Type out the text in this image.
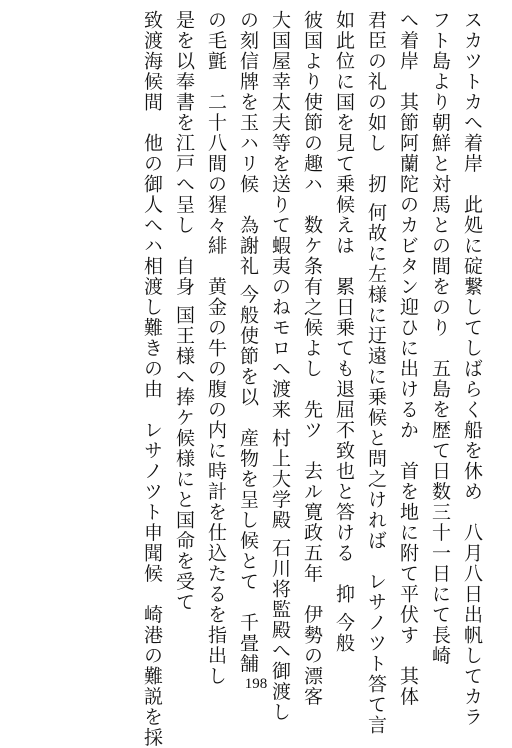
スカツトカへ着岸　此処に碇繋してしばらく船を休め　八月八日出帆してカラ
フト島より朝鮮と対馬との間をのり　五島を歴て日数三十一日にて長崎
へ着岸　其節阿蘭陀のカビタン迎ひに出けるか　首を地に附て平伏す　其体
君臣の礼の如し　扨 何故に左様に迂遠に乗候と問之ければ　レサノツト答て言
如此位に国を見て乗候えは　累日乗ても退屈不致也と答ける　抑 今般
彼国より使節の趣ハ　数ケ条有之候よし　先ツ　去ル寛政五年　伊勢の漂客
大国屋幸太夫等を送りて蝦夷のねモロへ渡来 村上大学殿 石川将監殿へ御渡し
の刻信牌を玉ハリ候　為謝礼 今般使節を以　産物を呈し候とて　千畳舗
の毛氈　二十八間の猩々緋　黄金の牛の腹の内に時計を仕込たるを指出し
是を以奉書を江戸へ呈し　自身 国王様へ捧ケ候様にと国命を受て
致渡海候間　他の御人へハ相渡し難きの由　レサノツト申聞候　崎港の難説を採	198
